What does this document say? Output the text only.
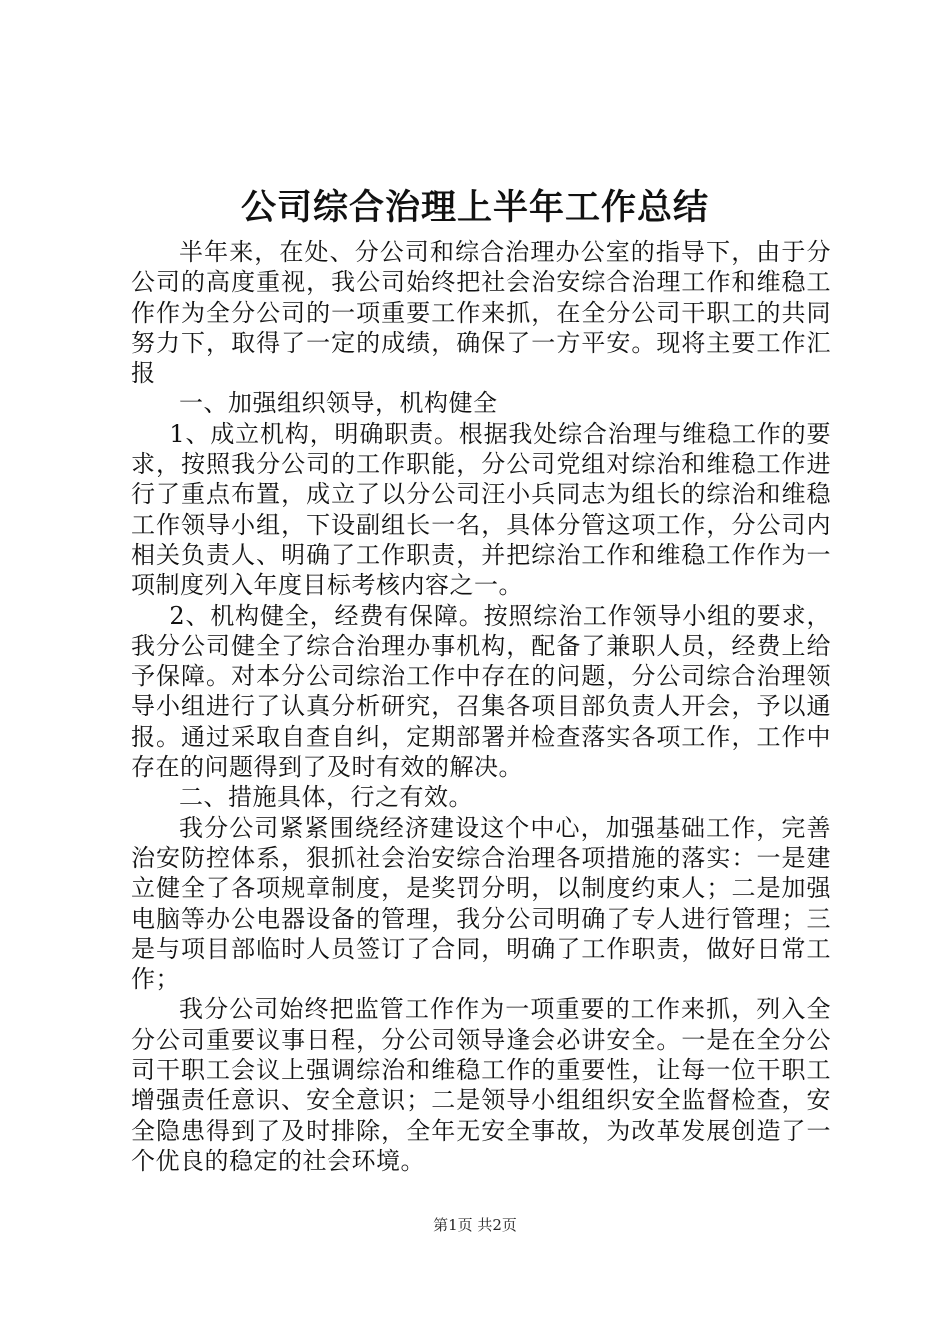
公司综合治理上半年工作总结

半年来，在处、分公司和综合治理办公室的指导下，由于分公司的高度重视，我公司始终把社会治安综合治理工作和维稳工作作为全分公司的一项重要工作来抓，在全分公司干职工的共同努力下，取得了一定的成绩，确保了一方平安。现将主要工作汇报

一、加强组织领导，机构健全

1、成立机构，明确职责。根据我处综合治理与维稳工作的要求，按照我分公司的工作职能，分公司党组对综治和维稳工作进行了重点布置，成立了以分公司汪小兵同志为组长的综治和维稳工作领导小组，下设副组长一名，具体分管这项工作，分公司内相关负责人、明确了工作职责，并把综治工作和维稳工作作为一项制度列入年度目标考核内容之一。

2、机构健全，经费有保障。按照综治工作领导小组的要求，我分公司健全了综合治理办事机构，配备了兼职人员，经费上给予保障。对本分公司综治工作中存在的问题，分公司综合治理领导小组进行了认真分析研究，召集各项目部负责人开会，予以通报。通过采取自查自纠，定期部署并检查落实各项工作，工作中存在的问题得到了及时有效的解决。

二、措施具体，行之有效。

我分公司紧紧围绕经济建设这个中心，加强基础工作，完善治安防控体系，狠抓社会治安综合治理各项措施的落实：一是建立健全了各项规章制度，是奖罚分明，以制度约束人；二是加强电脑等办公电器设备的管理，我分公司明确了专人进行管理；三是与项目部临时人员签订了合同，明确了工作职责，做好日常工作；

我分公司始终把监管工作作为一项重要的工作来抓，列入全分公司重要议事日程，分公司领导逢会必讲安全。一是在全分公司干职工会议上强调综治和维稳工作的重要性，让每一位干职工增强责任意识、安全意识；二是领导小组组织安全监督检查，安全隐患得到了及时排除，全年无安全事故，为改革发展创造了一个优良的稳定的社会环境。

第1页 共2页
